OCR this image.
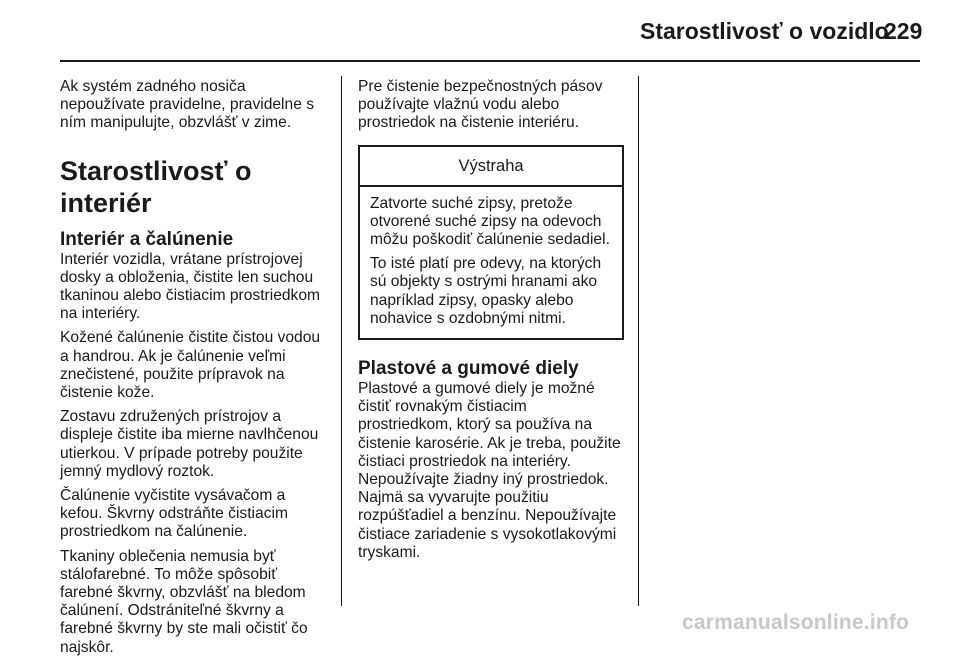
Starostlivosť o vozidlo
229

Ak systém zadného nosiča nepoužívate pravidelne, pravidelne s ním manipulujte, obzvlášť v zime.

Starostlivosť o interiér
Interiér a čalúnenie

Interiér vozidla, vrátane prístrojovej dosky a obloženia, čistite len suchou tkaninou alebo čistiacim prostriedkom na interiéry.

Kožené čalúnenie čistite čistou vodou a handrou. Ak je čalúnenie veľmi znečistené, použite prípravok na čistenie kože.

Zostavu združených prístrojov a displeje čistite iba mierne navlhčenou utierkou. V prípade potreby použite jemný mydlový roztok.

Čalúnenie vyčistite vysávačom a kefou. Škvrny odstráňte čistiacim prostriedkom na čalúnenie.

Tkaniny oblečenia nemusia byť stálofarebné. To môže spôsobiť farebné škvrny, obzvlášť na bledom čalúnení. Odstrániteľné škvrny a farebné škvrny by ste mali očistiť čo najskôr.

Pre čistenie bezpečnostných pásov používajte vlažnú vodu alebo prostriedok na čistenie interiéru.

Výstraha

Zatvorte suché zipsy, pretože otvorené suché zipsy na odevoch môžu poškodiť čalúnenie sedadiel.

To isté platí pre odevy, na ktorých sú objekty s ostrými hranami ako napríklad zipsy, opasky alebo nohavice s ozdobnými nitmi.

Plastové a gumové diely

Plastové a gumové diely je možné čistiť rovnakým čistiacim prostriedkom, ktorý sa používa na čistenie karosérie. Ak je treba, použite čistiaci prostriedok na interiéry. Nepoužívajte žiadny iný prostriedok. Najmä sa vyvarujte použitiu rozpúšťadiel a benzínu. Nepoužívajte čistiace zariadenie s vysokotlakovými tryskami.

carmanualsonline.info
